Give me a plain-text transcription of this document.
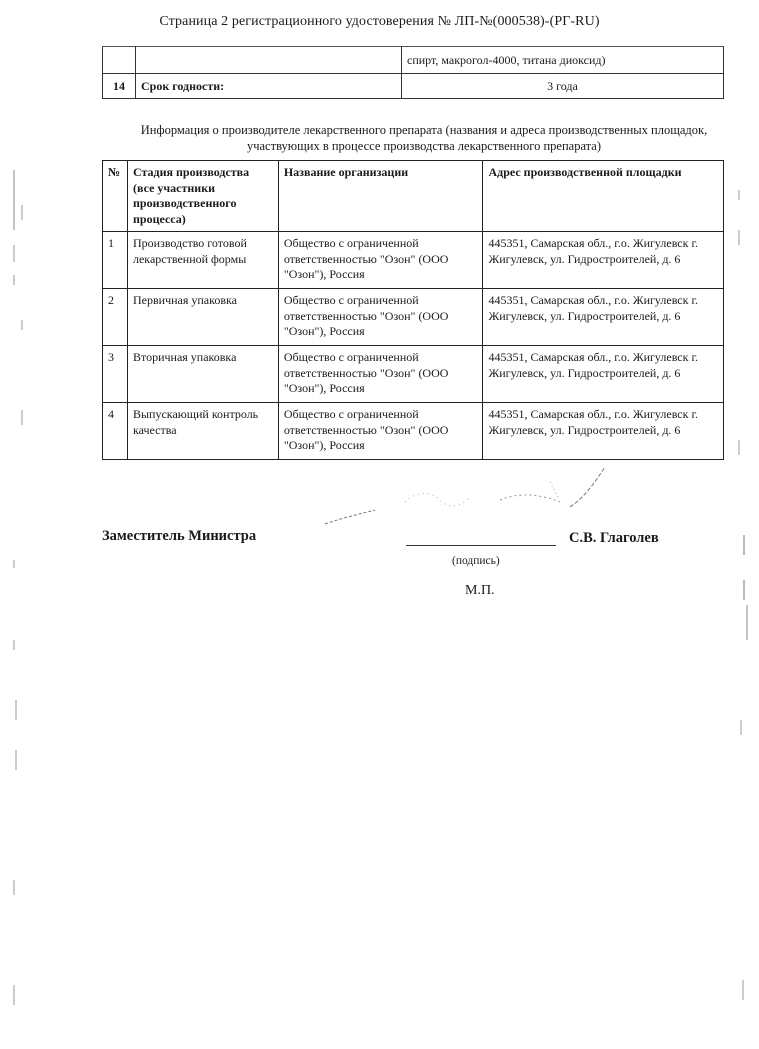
Страница 2 регистрационного удостоверения № ЛП-№(000538)-(РГ-RU)
		спирт, макрогол-4000, титана диоксид)
14	Срок годности:	3 года
Информация о производителе лекарственного препарата (названия и адреса производственных площадок, участвующих в процессе производства лекарственного препарата)
№	Стадия производства (все участники производственного процесса)	Название организации	Адрес производственной площадки
1	Производство готовой лекарственной формы	Общество с ограниченной ответственностью "Озон" (ООО "Озон"), Россия	445351, Самарская обл., г.о. Жигулевск г. Жигулевск, ул. Гидростроителей, д. 6
2	Первичная упаковка	Общество с ограниченной ответственностью "Озон" (ООО "Озон"), Россия	445351, Самарская обл., г.о. Жигулевск г. Жигулевск, ул. Гидростроителей, д. 6
3	Вторичная упаковка	Общество с ограниченной ответственностью "Озон" (ООО "Озон"), Россия	445351, Самарская обл., г.о. Жигулевск г. Жигулевск, ул. Гидростроителей, д. 6
4	Выпускающий контроль качества	Общество с ограниченной ответственностью "Озон" (ООО "Озон"), Россия	445351, Самарская обл., г.о. Жигулевск г. Жигулевск, ул. Гидростроителей, д. 6
Заместитель Министра	С.В. Глаголев
(подпись)
М.П.
